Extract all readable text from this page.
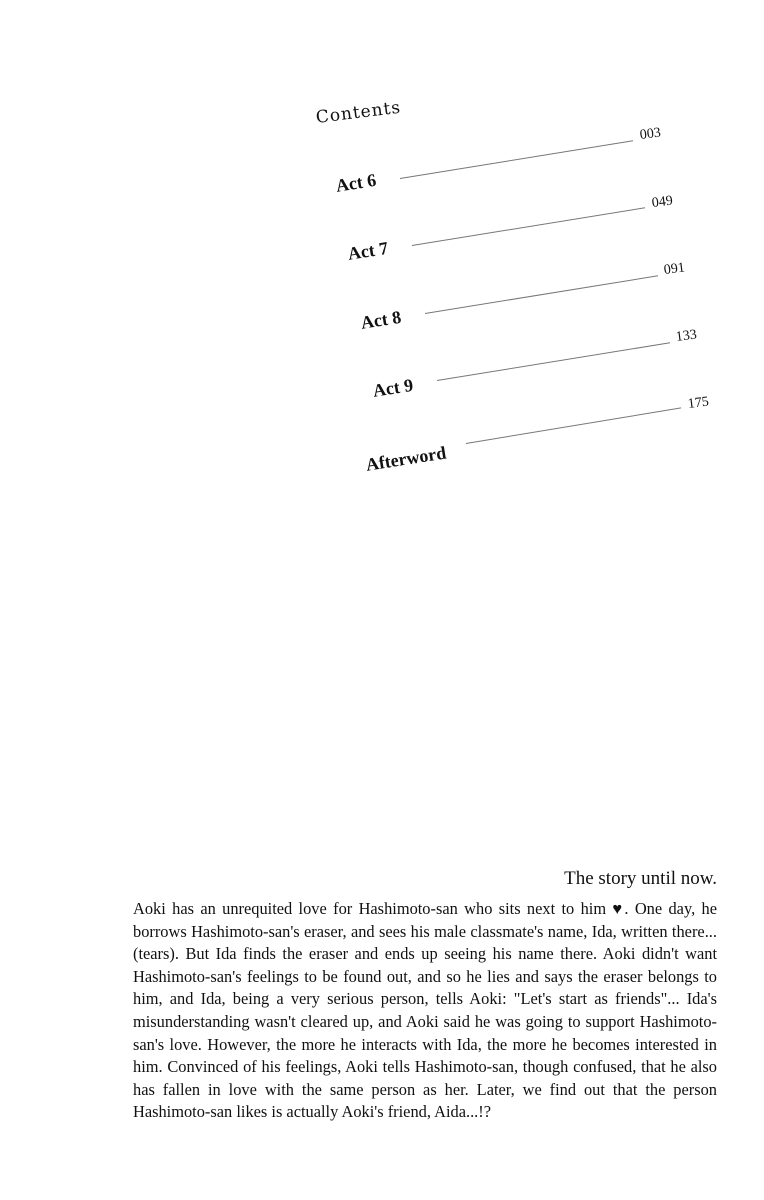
Contents
Act 6
003
Act 7
049
Act 8
091
Act 9
133
Afterword
175
The story until now.

Aoki has an unrequited love for Hashimoto-san who sits next to him ♥. One day, he borrows Hashimoto-san's eraser, and sees his male classmate's name, Ida, written there... (tears). But Ida finds the eraser and ends up seeing his name there. Aoki didn't want Hashimoto-san's feelings to be found out, and so he lies and says the eraser belongs to him, and Ida, being a very serious person, tells Aoki: "Let's start as friends"... Ida's misunderstanding wasn't cleared up, and Aoki said he was going to support Hashimoto-san's love. However, the more he interacts with Ida, the more he becomes interested in him. Convinced of his feelings, Aoki tells Hashimoto-san, though confused, that he also has fallen in love with the same person as her. Later, we find out that the person Hashimoto-san likes is actually Aoki's friend, Aida...!?
